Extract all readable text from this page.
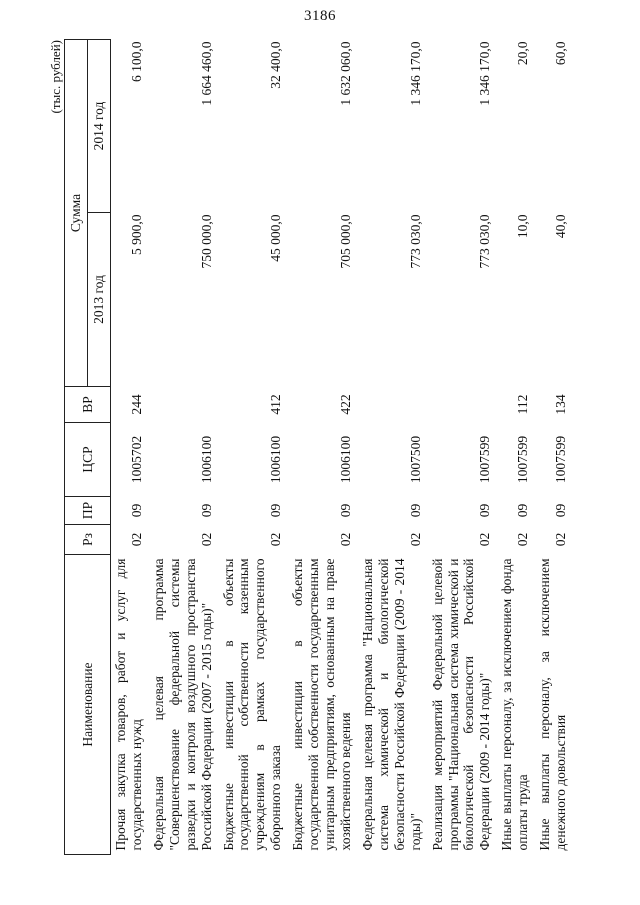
3186
(тыс. рублей)
Наименование	Рз	ПР	ЦСР	ВР	Сумма	
					2013 год	2014 год
Прочая закупка товаров, работ и услуг для государственных нужд	02	09	1005702	244	5 900,0	6 100,0
Федеральная целевая программа "Совершенствование федеральной системы разведки и контроля воздушного пространства Российской Федерации (2007 - 2015 годы)"	02	09	1006100		750 000,0	1 664 460,0
Бюджетные инвестиции в объекты государственной собственности казенным учреждениям в рамках государственного оборонного заказа	02	09	1006100	412	45 000,0	32 400,0
Бюджетные инвестиции в объекты государственной собственности государственным унитарным предприятиям, основанным на праве хозяйственного ведения	02	09	1006100	422	705 000,0	1 632 060,0
Федеральная целевая программа "Национальная система химической и биологической безопасности Российской Федерации (2009 - 2014 годы)"	02	09	1007500		773 030,0	1 346 170,0
Реализация мероприятий Федеральной целевой программы "Национальная система химической и биологической безопасности Российской Федерации (2009 - 2014 годы)"	02	09	1007599		773 030,0	1 346 170,0
Иные выплаты персоналу, за исключением фонда оплаты труда	02	09	1007599	112	10,0	20,0
Иные выплаты персоналу, за исключением денежного довольствия	02	09	1007599	134	40,0	60,0
